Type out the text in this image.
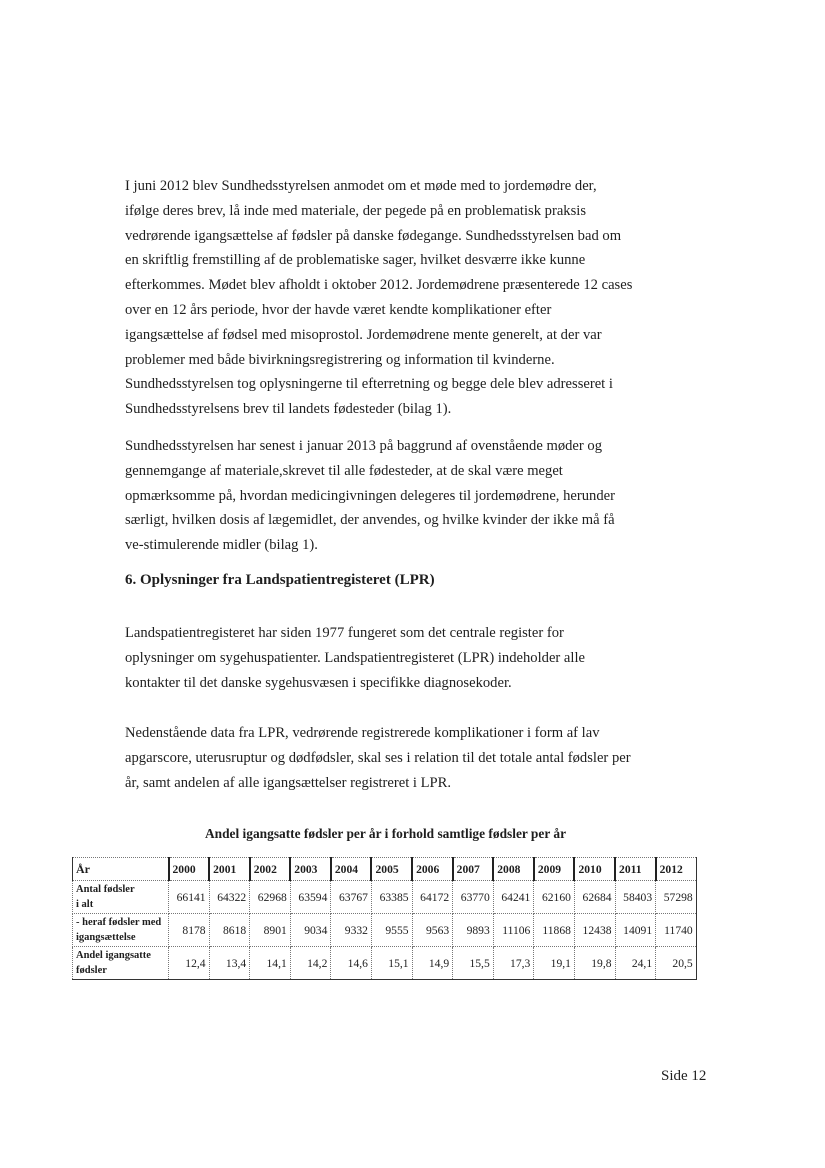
I juni 2012 blev Sundhedsstyrelsen anmodet om et møde med to jordemødre der,
ifølge deres brev, lå inde med materiale, der pegede på en problematisk praksis
vedrørende igangsættelse af fødsler på danske fødegange. Sundhedsstyrelsen bad om
en skriftlig fremstilling af de problematiske sager, hvilket desværre ikke kunne
efterkommes. Mødet blev afholdt i oktober 2012. Jordemødrene præsenterede 12 cases
over en 12 års periode, hvor der havde været kendte komplikationer efter
igangsættelse af fødsel med misoprostol. Jordemødrene mente generelt, at der var
problemer med både bivirkningsregistrering og information til kvinderne.
Sundhedsstyrelsen tog oplysningerne til efterretning og begge dele blev adresseret i
Sundhedsstyrelsens brev til landets fødesteder (bilag 1).
Sundhedsstyrelsen har senest i januar 2013 på baggrund af ovenstående møder og
gennemgange af materiale,skrevet til alle fødesteder, at de skal være meget
opmærksomme på, hvordan medicingivningen delegeres til jordemødrene, herunder
særligt, hvilken dosis af lægemidlet, der anvendes, og hvilke kvinder der ikke må få
ve-stimulerende midler (bilag 1).

6. Oplysninger fra Landspatientregisteret (LPR)

Landspatientregisteret har siden 1977 fungeret som det centrale register for
oplysninger om sygehuspatienter. Landspatientregisteret (LPR) indeholder alle
kontakter til det danske sygehusvæsen i specifikke diagnosekoder.
Nedenstående data fra LPR, vedrørende registrerede komplikationer i form af lav
apgarscore, uterusruptur og dødfødsler, skal ses i relation til det totale antal fødsler per
år, samt andelen af alle igangsættelser registreret i LPR.

Andel igangsatte fødsler per år i forhold samtlige fødsler per år

År	2000	2001	2002	2003	2004	2005	2006	2007	2008	2009	2010	2011	2012
Antal fødsler
i alt	66141	64322	62968	63594	63767	63385	64172	63770	64241	62160	62684	58403	57298
- heraf fødsler med
igangsættelse	8178	8618	8901	9034	9332	9555	9563	9893	11106	11868	12438	14091	11740
Andel igangsatte
fødsler	12,4	13,4	14,1	14,2	14,6	15,1	14,9	15,5	17,3	19,1	19,8	24,1	20,5

Side 12
